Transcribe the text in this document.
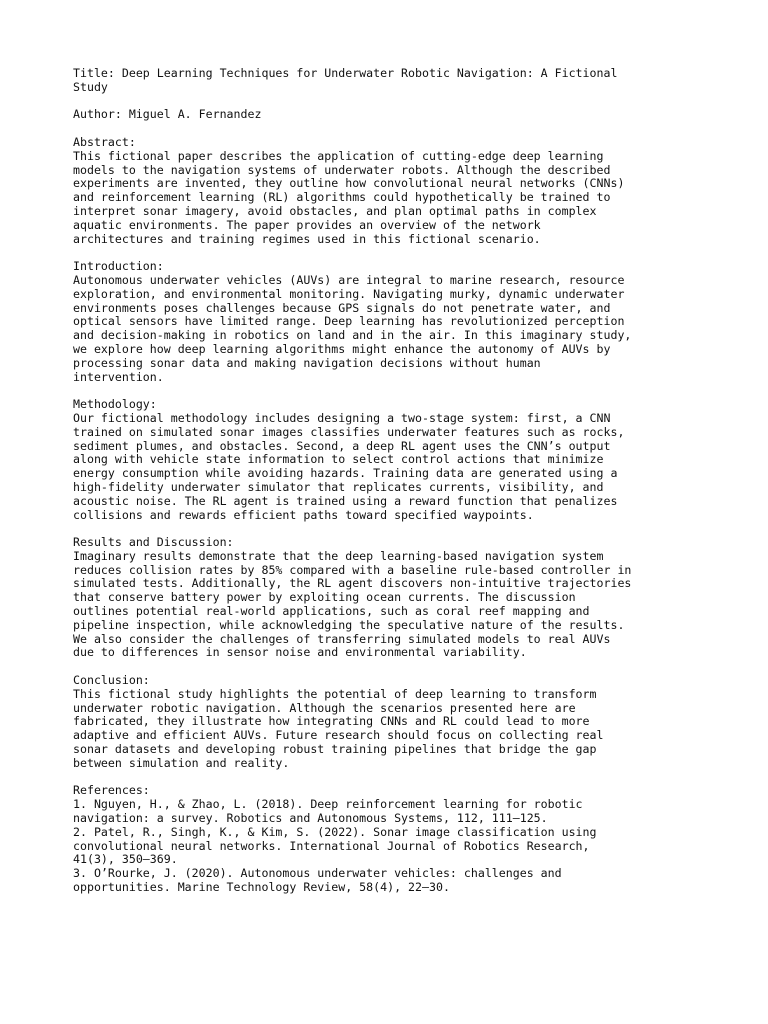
Title: Deep Learning Techniques for Underwater Robotic Navigation: A Fictional
Study
Author: Miguel A. Fernandez
Abstract:
This fictional paper describes the application of cutting-edge deep learning
models to the navigation systems of underwater robots. Although the described
experiments are invented, they outline how convolutional neural networks (CNNs)
and reinforcement learning (RL) algorithms could hypothetically be trained to
interpret sonar imagery, avoid obstacles, and plan optimal paths in complex
aquatic environments. The paper provides an overview of the network
architectures and training regimes used in this fictional scenario.
Introduction:
Autonomous underwater vehicles (AUVs) are integral to marine research, resource
exploration, and environmental monitoring. Navigating murky, dynamic underwater
environments poses challenges because GPS signals do not penetrate water, and
optical sensors have limited range. Deep learning has revolutionized perception
and decision-making in robotics on land and in the air. In this imaginary study,
we explore how deep learning algorithms might enhance the autonomy of AUVs by
processing sonar data and making navigation decisions without human
intervention.
Methodology:
Our fictional methodology includes designing a two-stage system: first, a CNN
trained on simulated sonar images classifies underwater features such as rocks,
sediment plumes, and obstacles. Second, a deep RL agent uses the CNN’s output
along with vehicle state information to select control actions that minimize
energy consumption while avoiding hazards. Training data are generated using a
high-fidelity underwater simulator that replicates currents, visibility, and
acoustic noise. The RL agent is trained using a reward function that penalizes
collisions and rewards efficient paths toward specified waypoints.
Results and Discussion:
Imaginary results demonstrate that the deep learning-based navigation system
reduces collision rates by 85% compared with a baseline rule-based controller in
simulated tests. Additionally, the RL agent discovers non-intuitive trajectories
that conserve battery power by exploiting ocean currents. The discussion
outlines potential real-world applications, such as coral reef mapping and
pipeline inspection, while acknowledging the speculative nature of the results.
We also consider the challenges of transferring simulated models to real AUVs
due to differences in sensor noise and environmental variability.
Conclusion:
This fictional study highlights the potential of deep learning to transform
underwater robotic navigation. Although the scenarios presented here are
fabricated, they illustrate how integrating CNNs and RL could lead to more
adaptive and efficient AUVs. Future research should focus on collecting real
sonar datasets and developing robust training pipelines that bridge the gap
between simulation and reality.
References:
1. Nguyen, H., & Zhao, L. (2018). Deep reinforcement learning for robotic
navigation: a survey. Robotics and Autonomous Systems, 112, 111–125.
2. Patel, R., Singh, K., & Kim, S. (2022). Sonar image classification using
convolutional neural networks. International Journal of Robotics Research,
41(3), 350–369.
3. O’Rourke, J. (2020). Autonomous underwater vehicles: challenges and
opportunities. Marine Technology Review, 58(4), 22–30.
